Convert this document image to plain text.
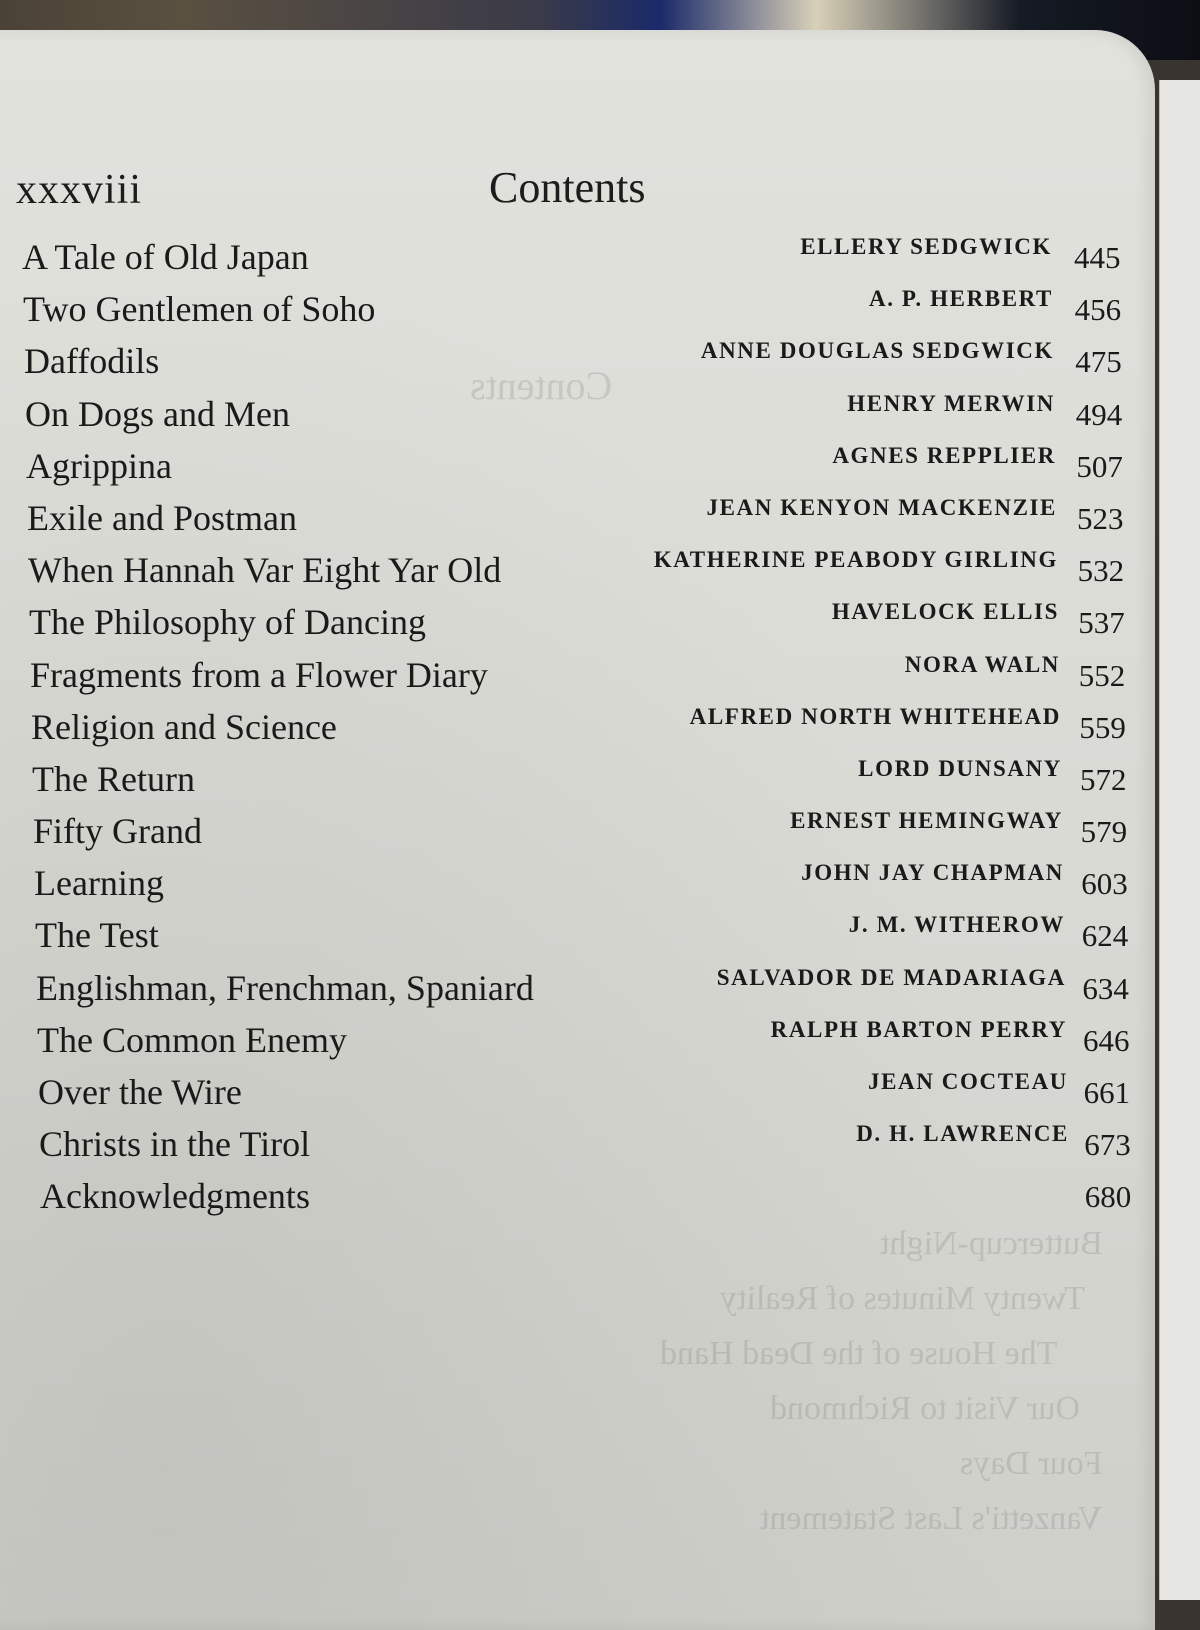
xxxviii	Contents
A Tale of Old Japan	ELLERY SEDGWICK 445
Two Gentlemen of Soho	A. P. HERBERT 456
Daffodils	ANNE DOUGLAS SEDGWICK 475
On Dogs and Men	HENRY MERWIN 494
Agrippina	AGNES REPPLIER 507
Exile and Postman	JEAN KENYON MACKENZIE 523
When Hannah Var Eight Yar Old	KATHERINE PEABODY GIRLING 532
The Philosophy of Dancing	HAVELOCK ELLIS 537
Fragments from a Flower Diary	NORA WALN 552
Religion and Science	ALFRED NORTH WHITEHEAD 559
The Return	LORD DUNSANY 572
Fifty Grand	ERNEST HEMINGWAY 579
Learning	JOHN JAY CHAPMAN 603
The Test	J. M. WITHEROW 624
Englishman, Frenchman, Spaniard	SALVADOR DE MADARIAGA 634
The Common Enemy	RALPH BARTON PERRY 646
Over the Wire	JEAN COCTEAU 661
Christs in the Tirol	D. H. LAWRENCE 673
Acknowledgments	680
